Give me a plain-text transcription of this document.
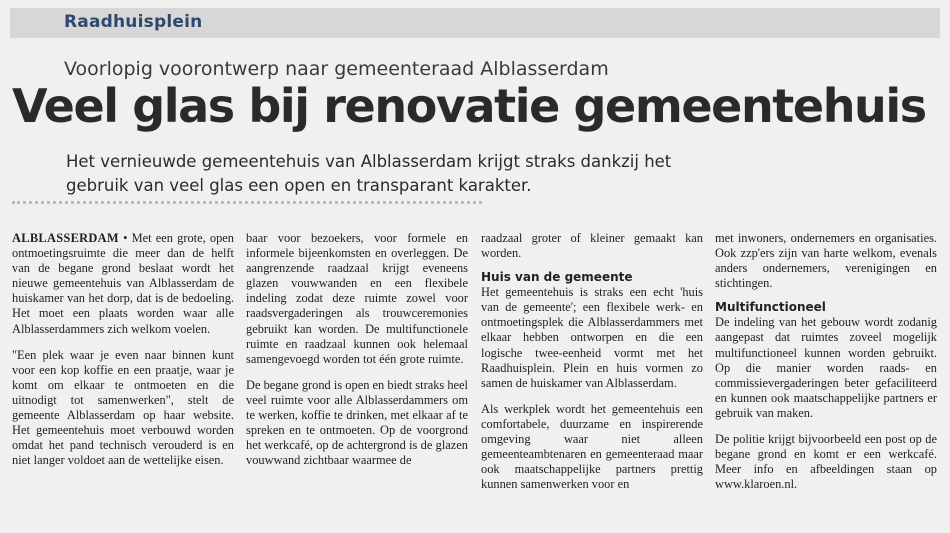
Raadhuisplein
Voorlopig voorontwerp naar gemeenteraad Alblasserdam
Veel glas bij renovatie gemeentehuis
Het vernieuwde gemeentehuis van Alblasserdam krijgt straks dankzij het gebruik van veel glas een open en transparant karakter.

ALBLASSERDAM • Met een grote, open ontmoetingsruimte die meer dan de helft van de begane grond beslaat wordt het nieuwe gemeentehuis van Alblasserdam de huiskamer van het dorp, dat is de bedoeling. Het moet een plaats worden waar alle Alblasserdammers zich welkom voelen.

"Een plek waar je even naar binnen kunt voor een kop koffie en een praatje, waar je komt om elkaar te ontmoeten en die uitnodigt tot samenwerken", stelt de gemeente Alblasserdam op haar website. Het gemeentehuis moet verbouwd worden omdat het pand technisch verouderd is en niet langer voldoet aan de wettelijke eisen.

baar voor bezoekers, voor formele en informele bijeenkomsten en overleggen. De aangrenzende raadzaal krijgt eveneens glazen vouwwanden en een flexibele indeling zodat deze ruimte zowel voor raadsvergaderingen als trouwceremonies gebruikt kan worden. De multifunctionele ruimte en raadzaal kunnen ook helemaal samengevoegd worden tot één grote ruimte.

De begane grond is open en biedt straks heel veel ruimte voor alle Alblasserdammers om te werken, koffie te drinken, met elkaar af te spreken en te ontmoeten. Op de voorgrond het werkcafé, op de achtergrond is de glazen vouwwand zichtbaar waarmee de

raadzaal groter of kleiner gemaakt kan worden.

Huis van de gemeente

Het gemeentehuis is straks een echt 'huis van de gemeente'; een flexibele werk- en ontmoetingsplek die Alblasserdammers met elkaar hebben ontworpen en die een logische twee-eenheid vormt met het Raadhuisplein. Plein en huis vormen zo samen de huiskamer van Alblasserdam.

Als werkplek wordt het gemeentehuis een comfortabele, duurzame en inspirerende omgeving waar niet alleen gemeenteambtenaren en gemeenteraad maar ook maatschappelijke partners prettig kunnen samenwerken voor en

met inwoners, ondernemers en organisaties. Ook zzp'ers zijn van harte welkom, evenals anders ondernemers, verenigingen en stichtingen.

Multifunctioneel

De indeling van het gebouw wordt zodanig aangepast dat ruimtes zoveel mogelijk multifunctioneel kunnen worden gebruikt. Op die manier worden raads- en commissievergaderingen beter gefaciliteerd en kunnen ook maatschappelijke partners er gebruik van maken.

De politie krijgt bijvoorbeeld een post op de begane grond en komt er een werkcafé. Meer info en afbeeldingen staan op www.klaroen.nl.
